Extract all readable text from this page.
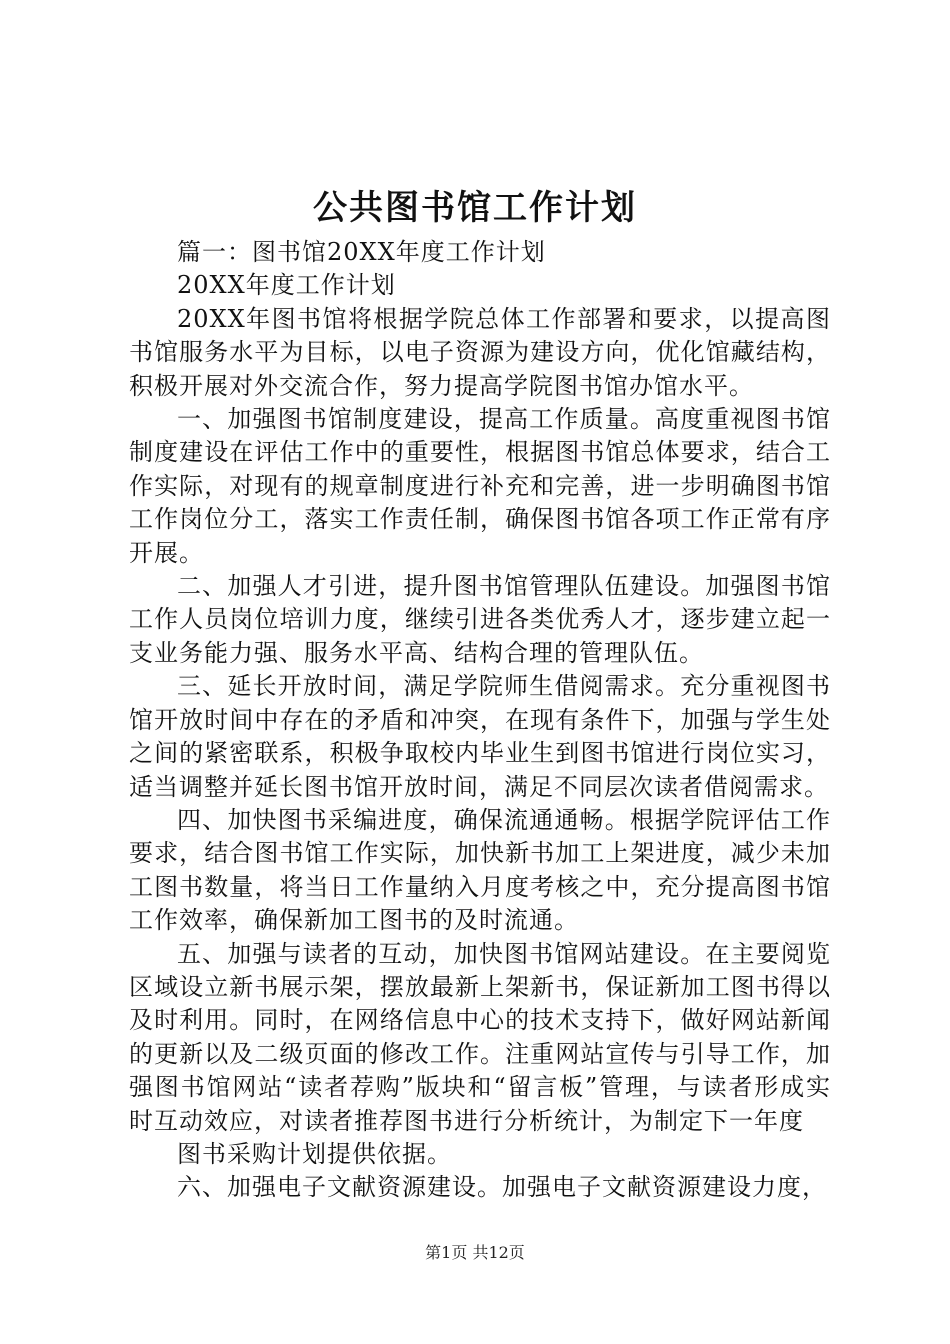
公共图书馆工作计划

篇一：图书馆20XX年度工作计划

20XX年度工作计划

20XX年图书馆将根据学院总体工作部署和要求，以提高图书馆服务水平为目标，以电子资源为建设方向，优化馆藏结构，积极开展对外交流合作，努力提高学院图书馆办馆水平。

一、加强图书馆制度建设，提高工作质量。高度重视图书馆制度建设在评估工作中的重要性，根据图书馆总体要求，结合工作实际，对现有的规章制度进行补充和完善，进一步明确图书馆工作岗位分工，落实工作责任制，确保图书馆各项工作正常有序开展。

二、加强人才引进，提升图书馆管理队伍建设。加强图书馆工作人员岗位培训力度，继续引进各类优秀人才，逐步建立起一支业务能力强、服务水平高、结构合理的管理队伍。

三、延长开放时间，满足学院师生借阅需求。充分重视图书馆开放时间中存在的矛盾和冲突，在现有条件下，加强与学生处之间的紧密联系，积极争取校内毕业生到图书馆进行岗位实习，适当调整并延长图书馆开放时间，满足不同层次读者借阅需求。

四、加快图书采编进度，确保流通通畅。根据学院评估工作要求，结合图书馆工作实际，加快新书加工上架进度，减少未加工图书数量，将当日工作量纳入月度考核之中，充分提高图书馆工作效率，确保新加工图书的及时流通。

五、加强与读者的互动，加快图书馆网站建设。在主要阅览区域设立新书展示架，摆放最新上架新书，保证新加工图书得以及时利用。同时，在网络信息中心的技术支持下，做好网站新闻的更新以及二级页面的修改工作。注重网站宣传与引导工作，加强图书馆网站“读者荐购”版块和“留言板”管理，与读者形成实时互动效应，对读者推荐图书进行分析统计，为制定下一年度

图书采购计划提供依据。

六、加强电子文献资源建设。加强电子文献资源建设力度，

第1页 共12页
